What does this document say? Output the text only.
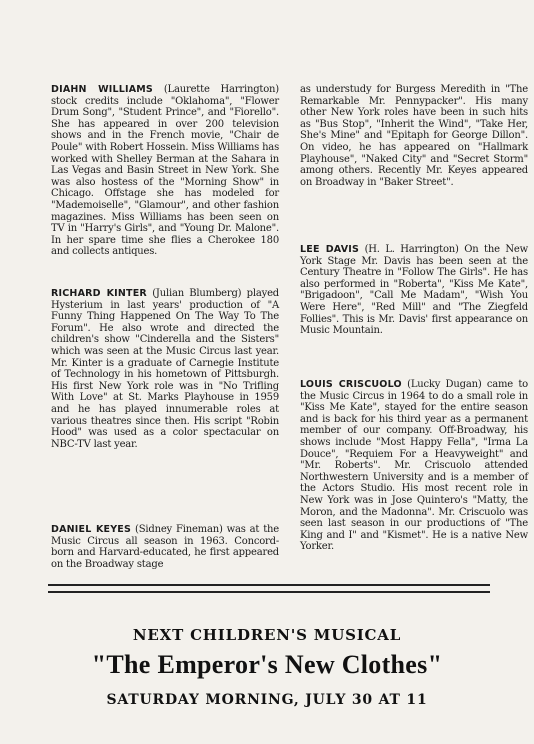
DIAHN WILLIAMS (Laurette Harrington) stock credits include "Oklahoma", "Flower Drum Song", "Student Prince", and "Fiorello". She has appeared in over 200 television shows and in the French movie, "Chair de Poule" with Robert Hossein. Miss Williams has worked with Shelley Berman at the Sahara in Las Vegas and Basin Street in New York. She was also hostess of the "Morning Show" in Chicago. Offstage she has modeled for "Mademoiselle", "Glamour", and other fashion magazines. Miss Williams has been seen on TV in "Harry's Girls", and "Young Dr. Malone". In her spare time she flies a Cherokee 180 and collects antiques.

RICHARD KINTER (Julian Blumberg) played Hysterium in last years' production of "A Funny Thing Happened On The Way To The Forum". He also wrote and directed the children's show "Cinderella and the Sisters" which was seen at the Music Circus last year. Mr. Kinter is a graduate of Carnegie Institute of Technology in his hometown of Pittsburgh. His first New York role was in "No Trifling With Love" at St. Marks Playhouse in 1959 and he has played innumerable roles at various theatres since then. His script "Robin Hood" was used as a color spectacular on NBC-TV last year.

DANIEL KEYES (Sidney Fineman) was at the Music Circus all season in 1963. Concord-born and Harvard-educated, he first appeared on the Broadway stage

as understudy for Burgess Meredith in "The Remarkable Mr. Pennypacker". His many other New York roles have been in such hits as "Bus Stop", "Inherit the Wind", "Take Her, She's Mine" and "Epitaph for George Dillon". On video, he has appeared on "Hallmark Playhouse", "Naked City" and "Secret Storm" among others. Recently Mr. Keyes appeared on Broadway in "Baker Street".

LEE DAVIS (H. L. Harrington) On the New York Stage Mr. Davis has been seen at the Century Theatre in "Follow The Girls". He has also performed in "Roberta", "Kiss Me Kate", "Brigadoon", "Call Me Madam", "Wish You Were Here", "Red Mill" and "The Ziegfeld Follies". This is Mr. Davis' first appearance on Music Mountain.

LOUIS CRISCUOLO (Lucky Dugan) came to the Music Circus in 1964 to do a small role in "Kiss Me Kate", stayed for the entire season and is back for his third year as a permanent member of our company. Off-Broadway, his shows include "Most Happy Fella", "Irma La Douce", "Requiem For a Heavyweight" and "Mr. Roberts". Mr. Criscuolo attended Northwestern University and is a member of the Actors Studio. His most recent role in New York was in Jose Quintero's "Matty, the Moron, and the Madonna". Mr. Criscuolo was seen last season in our productions of "The King and I" and "Kismet". He is a native New Yorker.

NEXT CHILDREN'S MUSICAL
"The Emperor's New Clothes"
SATURDAY MORNING, JULY 30 AT 11
